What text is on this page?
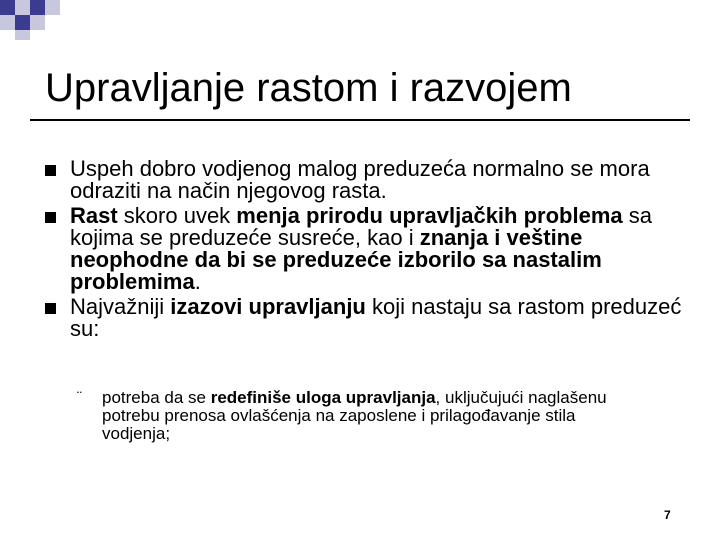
Upravljanje rastom i razvojem
Uspeh dobro vodjenog malog preduzeća normalno se mora odraziti na način njegovog rasta.
Rast skoro uvek menja prirodu upravljačkih problema sa kojima se preduzeće susreće, kao i znanja i veštine neophodne da bi se preduzeće izborilo sa nastalim problemima.
Najvažniji izazovi upravljanju koji nastaju sa rastom preduzeć su:
¨ potreba da se redefiniše uloga upravljanja, uključujući naglašenu potrebu prenosa ovlašćenja na zaposlene i prilagođavanje stila vodjenja;
7
